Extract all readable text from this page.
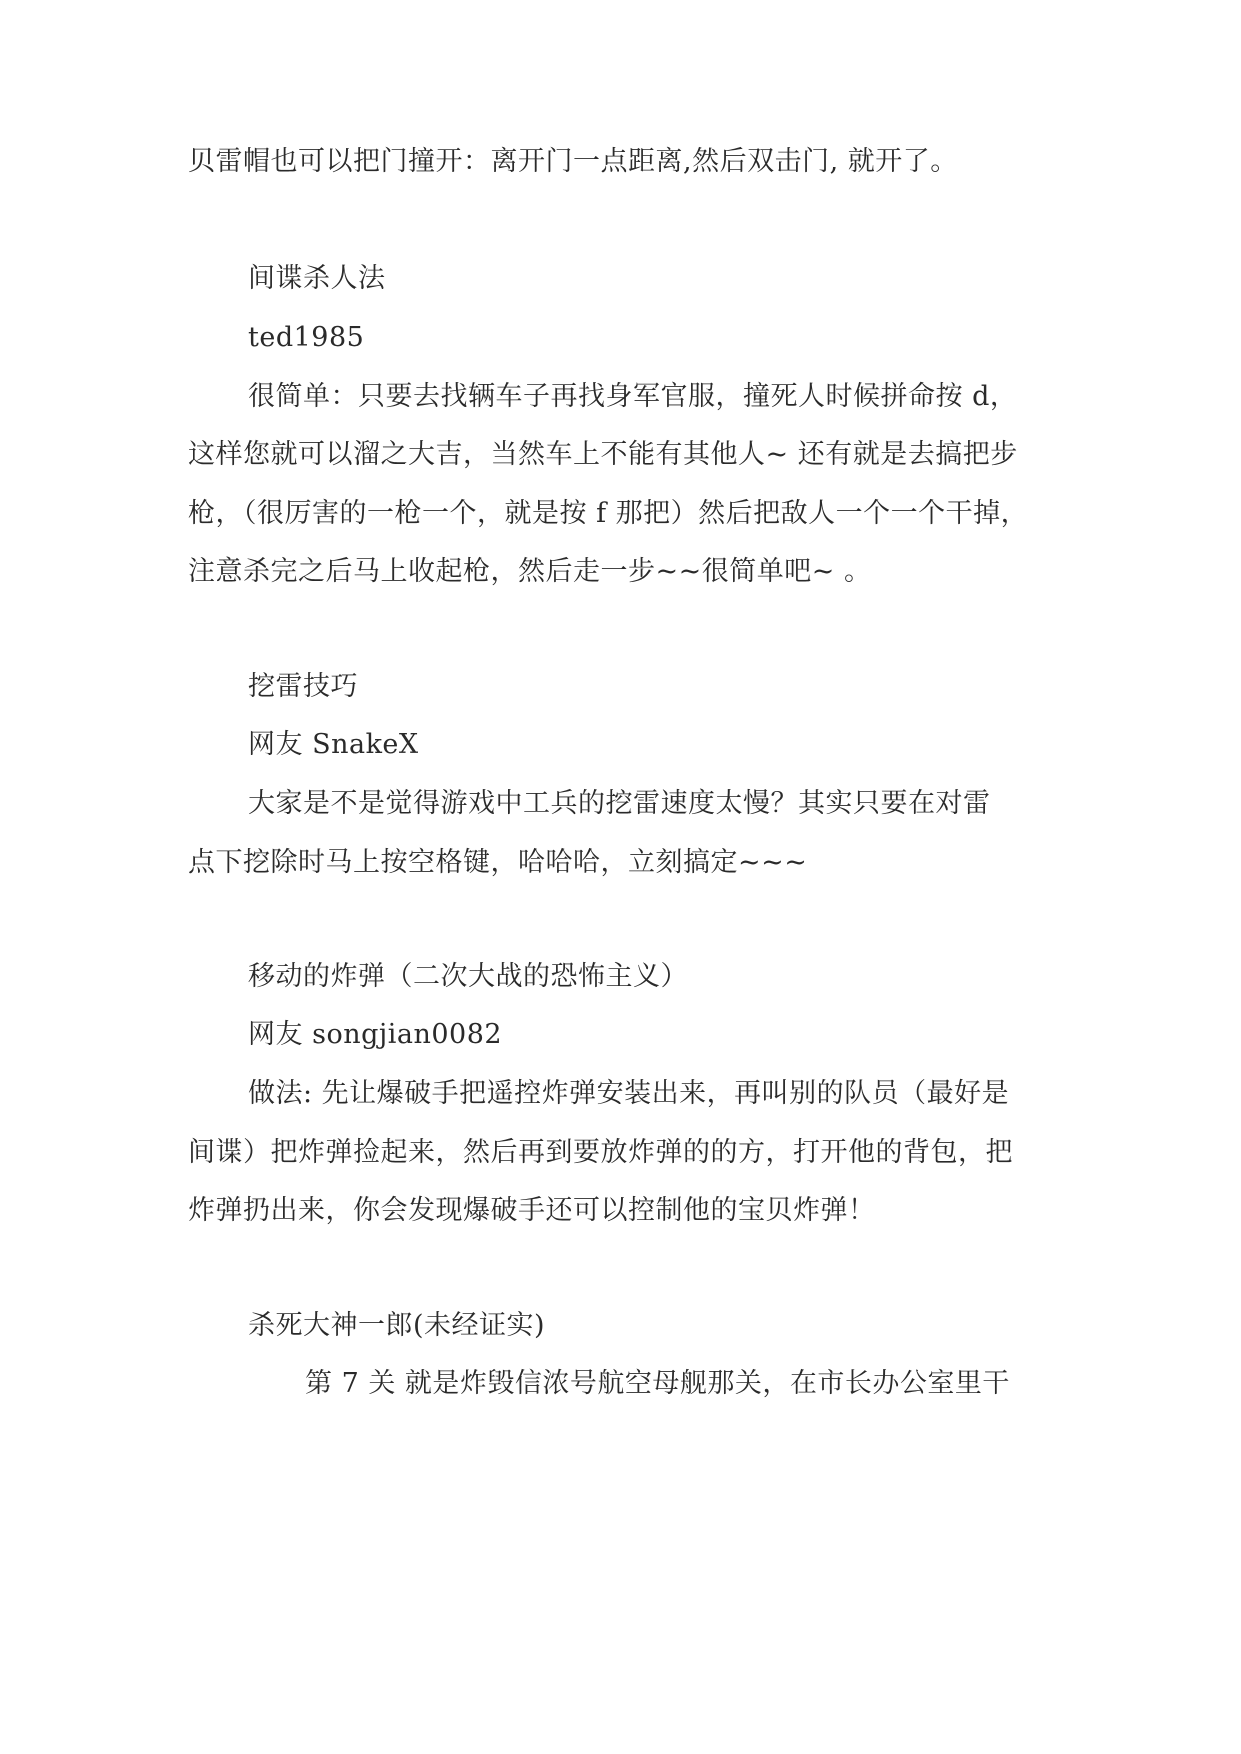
贝雷帽也可以把门撞开：离开门一点距离,然后双击门, 就开了。
间谍杀人法
ted1985
很简单：只要去找辆车子再找身军官服，撞死人时候拼命按 d，
这样您就可以溜之大吉，当然车上不能有其他人~ 还有就是去搞把步
枪，（很厉害的一枪一个，就是按 f 那把）然后把敌人一个一个干掉，
注意杀完之后马上收起枪，然后走一步~~很简单吧~ 。
挖雷技巧
网友 SnakeX
大家是不是觉得游戏中工兵的挖雷速度太慢？其实只要在对雷
点下挖除时马上按空格键，哈哈哈，立刻搞定~~~
移动的炸弹（二次大战的恐怖主义）
网友 songjian0082
做法: 先让爆破手把遥控炸弹安装出来，再叫别的队员（最好是
间谍）把炸弹捡起来，然后再到要放炸弹的的方，打开他的背包，把
炸弹扔出来，你会发现爆破手还可以控制他的宝贝炸弹！
杀死大神一郎(未经证实)
第 7 关 就是炸毁信浓号航空母舰那关，在市长办公室里干
